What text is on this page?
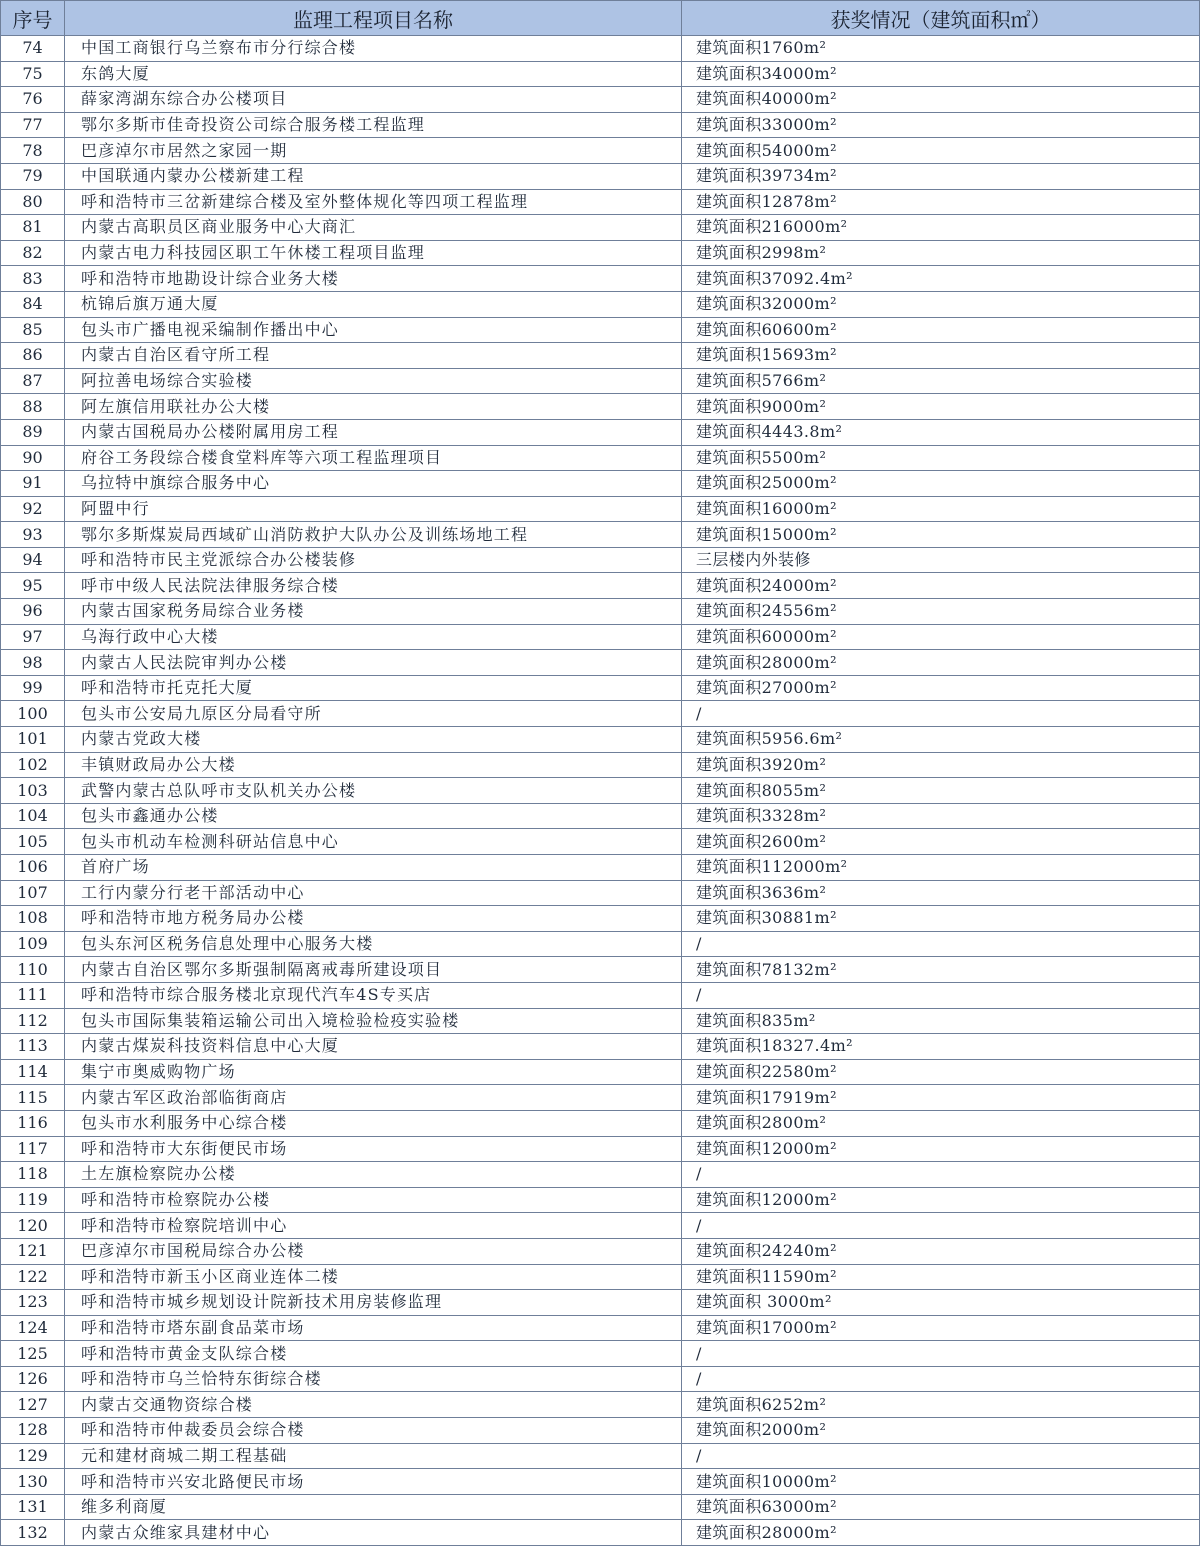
序号	监理工程项目名称	获奖情况（建筑面积㎡）
74	中国工商银行乌兰察布市分行综合楼	建筑面积1760m²
75	东鸽大厦	建筑面积34000m²
76	薛家湾湖东综合办公楼项目	建筑面积40000m²
77	鄂尔多斯市佳奇投资公司综合服务楼工程监理	建筑面积33000m²
78	巴彦淖尔市居然之家园一期	建筑面积54000m²
79	中国联通内蒙办公楼新建工程	建筑面积39734m²
80	呼和浩特市三岔新建综合楼及室外整体规化等四项工程监理	建筑面积12878m²
81	内蒙古高职员区商业服务中心大商汇	建筑面积216000m²
82	内蒙古电力科技园区职工午休楼工程项目监理	建筑面积2998m²
83	呼和浩特市地勘设计综合业务大楼	建筑面积37092.4m²
84	杭锦后旗万通大厦	建筑面积32000m²
85	包头市广播电视采编制作播出中心	建筑面积60600m²
86	内蒙古自治区看守所工程	建筑面积15693m²
87	阿拉善电场综合实验楼	建筑面积5766m²
88	阿左旗信用联社办公大楼	建筑面积9000m²
89	内蒙古国税局办公楼附属用房工程	建筑面积4443.8m²
90	府谷工务段综合楼食堂料库等六项工程监理项目	建筑面积5500m²
91	乌拉特中旗综合服务中心	建筑面积25000m²
92	阿盟中行	建筑面积16000m²
93	鄂尔多斯煤炭局西域矿山消防救护大队办公及训练场地工程	建筑面积15000m²
94	呼和浩特市民主党派综合办公楼装修	三层楼内外装修
95	呼市中级人民法院法律服务综合楼	建筑面积24000m²
96	内蒙古国家税务局综合业务楼	建筑面积24556m²
97	乌海行政中心大楼	建筑面积60000m²
98	内蒙古人民法院审判办公楼	建筑面积28000m²
99	呼和浩特市托克托大厦	建筑面积27000m²
100	包头市公安局九原区分局看守所	/
101	内蒙古党政大楼	建筑面积5956.6m²
102	丰镇财政局办公大楼	建筑面积3920m²
103	武警内蒙古总队呼市支队机关办公楼	建筑面积8055m²
104	包头市鑫通办公楼	建筑面积3328m²
105	包头市机动车检测科研站信息中心	建筑面积2600m²
106	首府广场	建筑面积112000m²
107	工行内蒙分行老干部活动中心	建筑面积3636m²
108	呼和浩特市地方税务局办公楼	建筑面积30881m²
109	包头东河区税务信息处理中心服务大楼	/
110	内蒙古自治区鄂尔多斯强制隔离戒毒所建设项目	建筑面积78132m²
111	呼和浩特市综合服务楼北京现代汽车4S专买店	/
112	包头市国际集装箱运输公司出入境检验检疫实验楼	建筑面积835m²
113	内蒙古煤炭科技资料信息中心大厦	建筑面积18327.4m²
114	集宁市奥威购物广场	建筑面积22580m²
115	内蒙古军区政治部临街商店	建筑面积17919m²
116	包头市水利服务中心综合楼	建筑面积2800m²
117	呼和浩特市大东街便民市场	建筑面积12000m²
118	土左旗检察院办公楼	/
119	呼和浩特市检察院办公楼	建筑面积12000m²
120	呼和浩特市检察院培训中心	/
121	巴彦淖尔市国税局综合办公楼	建筑面积24240m²
122	呼和浩特市新玉小区商业连体二楼	建筑面积11590m²
123	呼和浩特市城乡规划设计院新技术用房装修监理	建筑面积 3000m²
124	呼和浩特市塔东副食品菜市场	建筑面积17000m²
125	呼和浩特市黄金支队综合楼	/
126	呼和浩特市乌兰恰特东街综合楼	/
127	内蒙古交通物资综合楼	建筑面积6252m²
128	呼和浩特市仲裁委员会综合楼	建筑面积2000m²
129	元和建材商城二期工程基础	/
130	呼和浩特市兴安北路便民市场	建筑面积10000m²
131	维多利商厦	建筑面积63000m²
132	内蒙古众维家具建材中心	建筑面积28000m²
